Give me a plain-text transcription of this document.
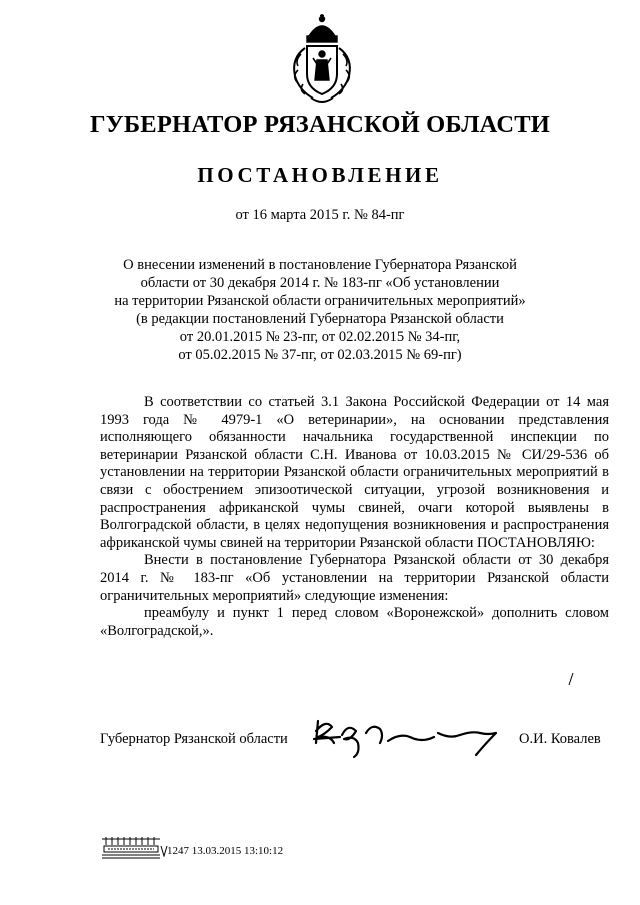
ГУБЕРНАТОР РЯЗАНСКОЙ ОБЛАСТИ
ПОСТАНОВЛЕНИЕ
от 16 марта 2015 г. № 84-пг
О внесении изменений в постановление Губернатора Рязанской
области от 30 декабря 2014 г. № 183-пг «Об установлении
на территории Рязанской области ограничительных мероприятий»
(в редакции постановлений Губернатора Рязанской области
от 20.01.2015 № 23-пг, от 02.02.2015 № 34-пг,
от 05.02.2015 № 37-пг, от 02.03.2015 № 69-пг)

В соответствии со статьей 3.1 Закона Российской Федерации от 14 мая 1993 года № 4979-1 «О ветеринарии», на основании представления исполняющего обязанности начальника государственной инспекции по ветеринарии Рязанской области С.Н. Иванова от 10.03.2015 № СИ/29-536 об установлении на территории Рязанской области ограничительных мероприятий в связи с обострением эпизоотической ситуации, угрозой возникновения и распространения африканской чумы свиней, очаги которой выявлены в Волгоградской области, в целях недопущения возникновения и распространения африканской чумы свиней на территории Рязанской области ПОСТАНОВЛЯЮ:

Внести в постановление Губернатора Рязанской области от 30 декабря 2014 г. № 183-пг «Об установлении на территории Рязанской области ограничительных мероприятий» следующие изменения:

преамбулу и пункт 1 перед словом «Воронежской» дополнить словом «Волгоградской,».

Губернатор Рязанской области	О.И. Ковалев
1247 13.03.2015 13:10:12
